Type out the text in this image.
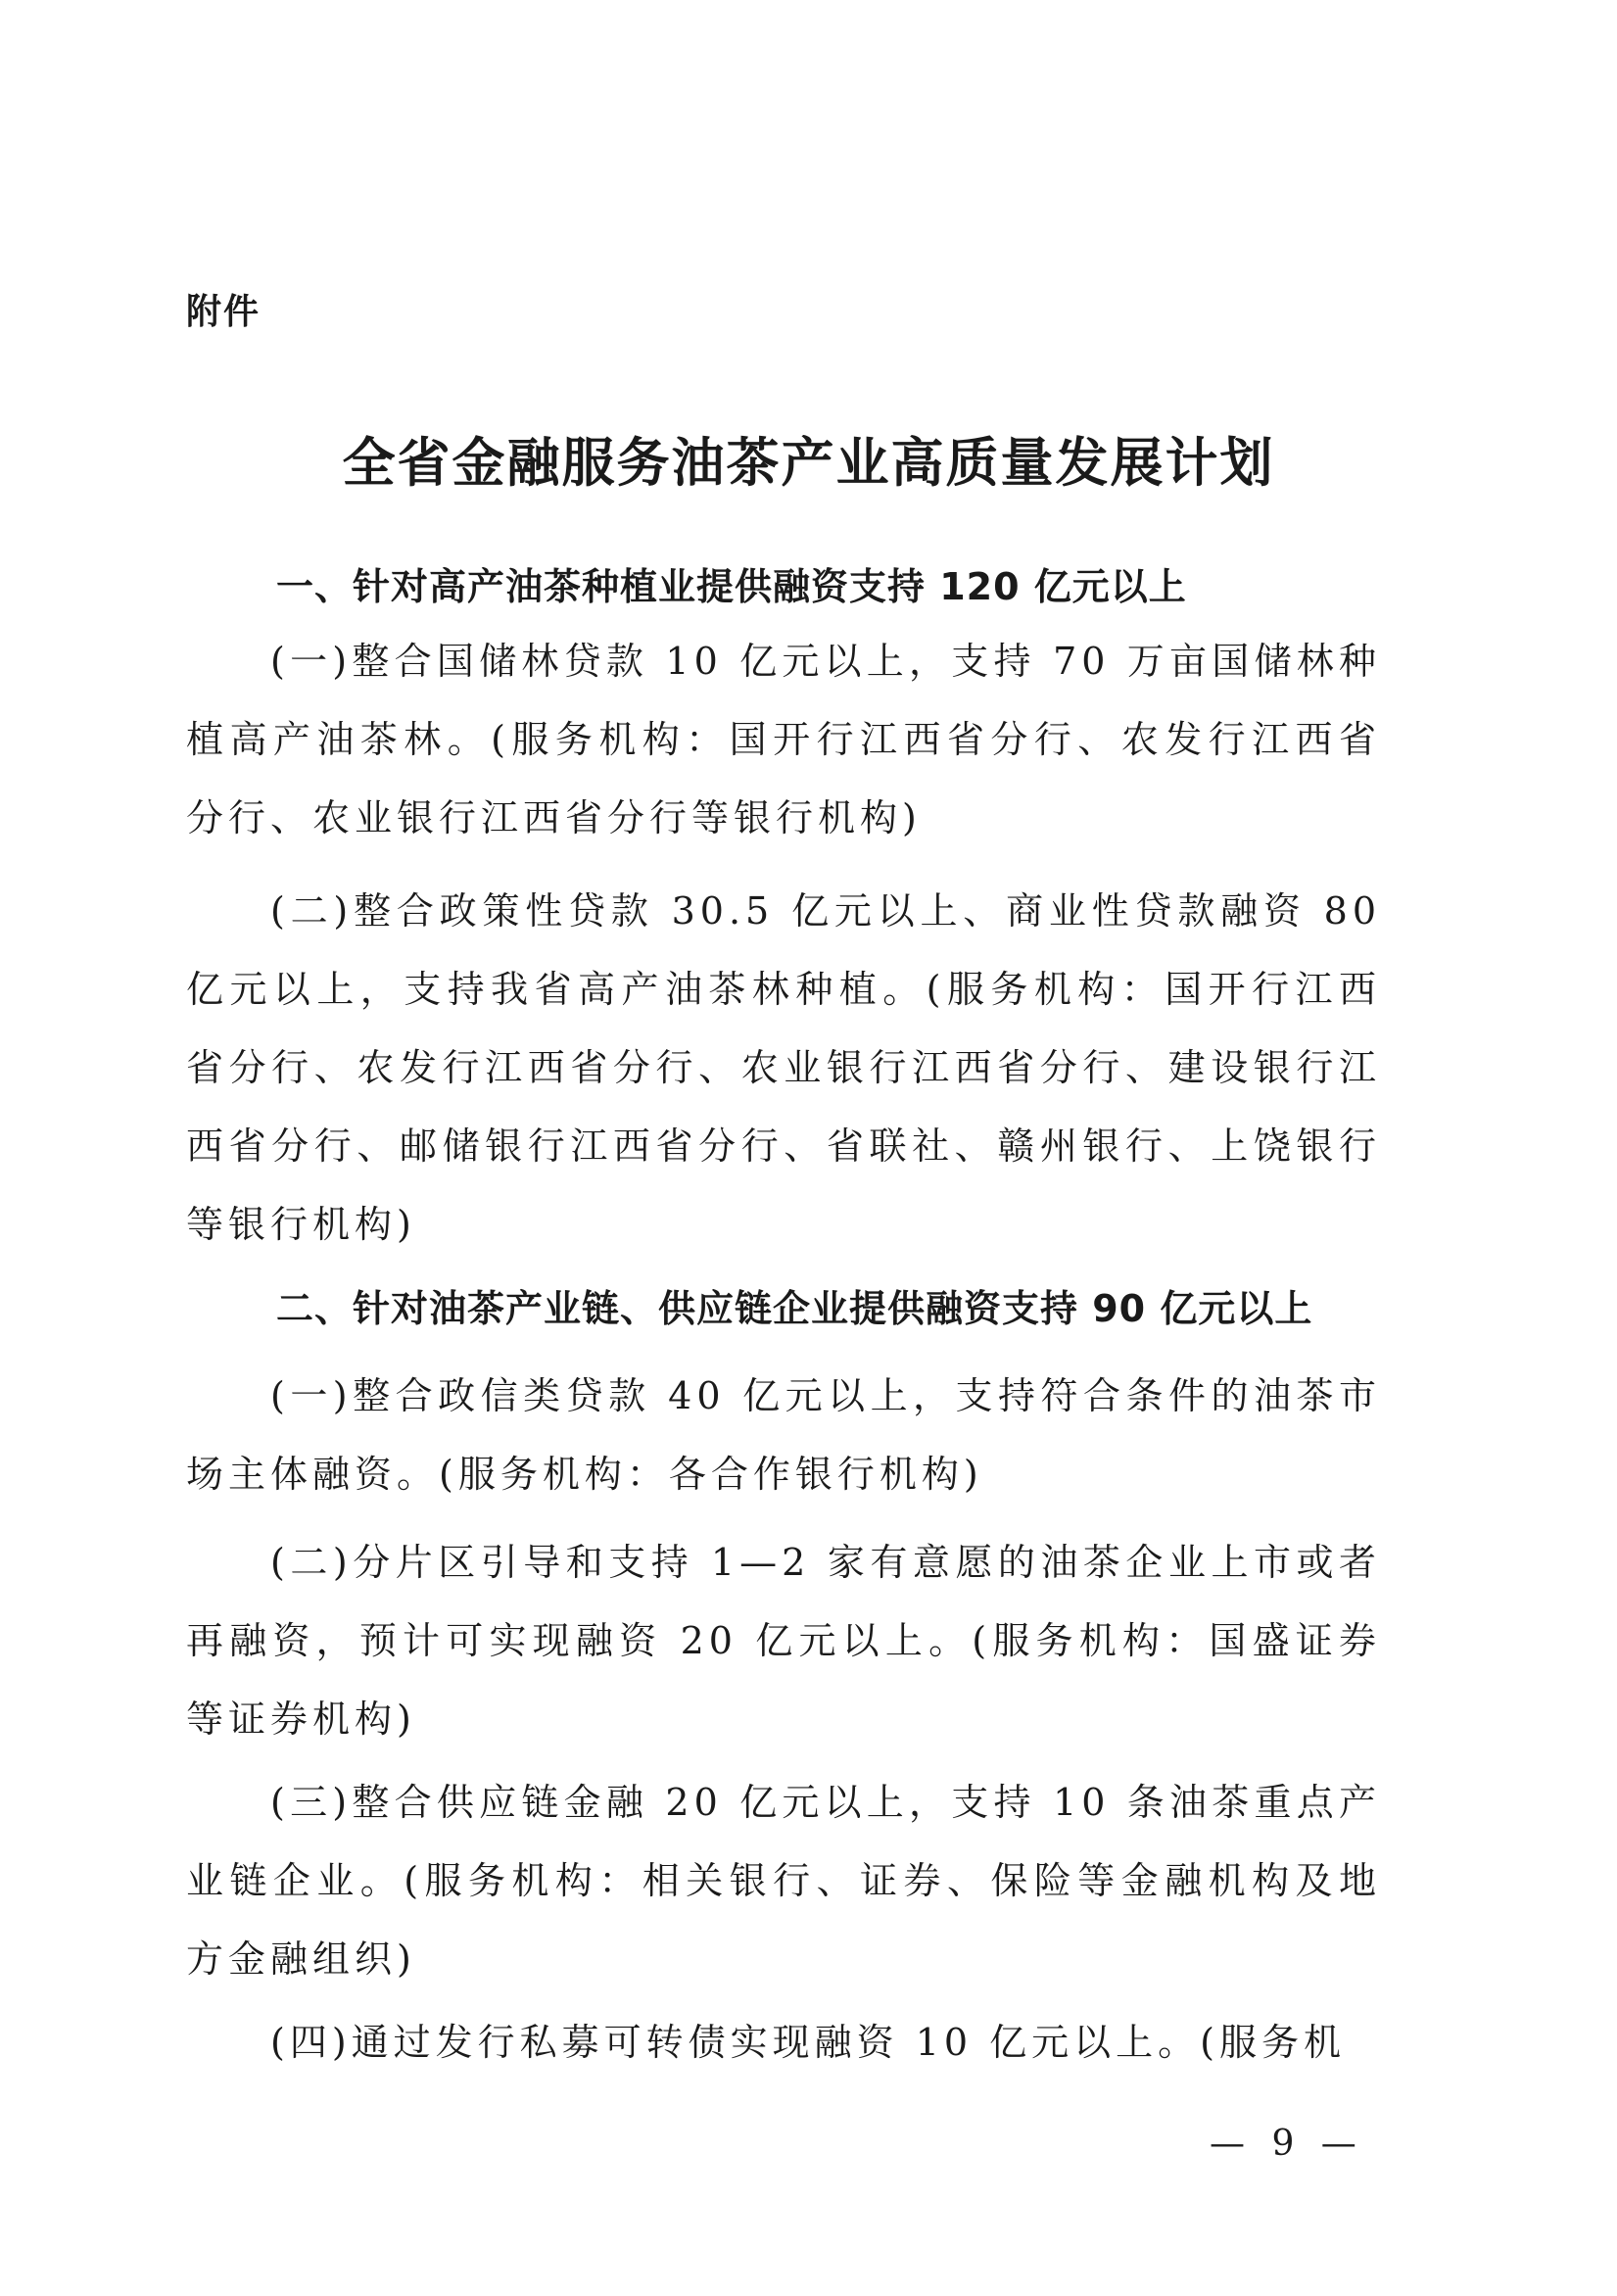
附件
全省金融服务油茶产业高质量发展计划
一、针对高产油茶种植业提供融资支持 120 亿元以上
(一)整合国储林贷款 10 亿元以上，支持 70 万亩国储林种植高产油茶林。(服务机构：国开行江西省分行、农发行江西省分行、农业银行江西省分行等银行机构)
(二)整合政策性贷款 30.5 亿元以上、商业性贷款融资 80 亿元以上，支持我省高产油茶林种植。(服务机构：国开行江西省分行、农发行江西省分行、农业银行江西省分行、建设银行江西省分行、邮储银行江西省分行、省联社、赣州银行、上饶银行等银行机构)
二、针对油茶产业链、供应链企业提供融资支持 90 亿元以上
(一)整合政信类贷款 40 亿元以上，支持符合条件的油茶市场主体融资。(服务机构：各合作银行机构)
(二)分片区引导和支持 1—2 家有意愿的油茶企业上市或者再融资，预计可实现融资 20 亿元以上。(服务机构：国盛证券等证券机构)
(三)整合供应链金融 20 亿元以上，支持 10 条油茶重点产业链企业。(服务机构：相关银行、证券、保险等金融机构及地方金融组织)
(四)通过发行私募可转债实现融资 10 亿元以上。(服务机
— 9 —
